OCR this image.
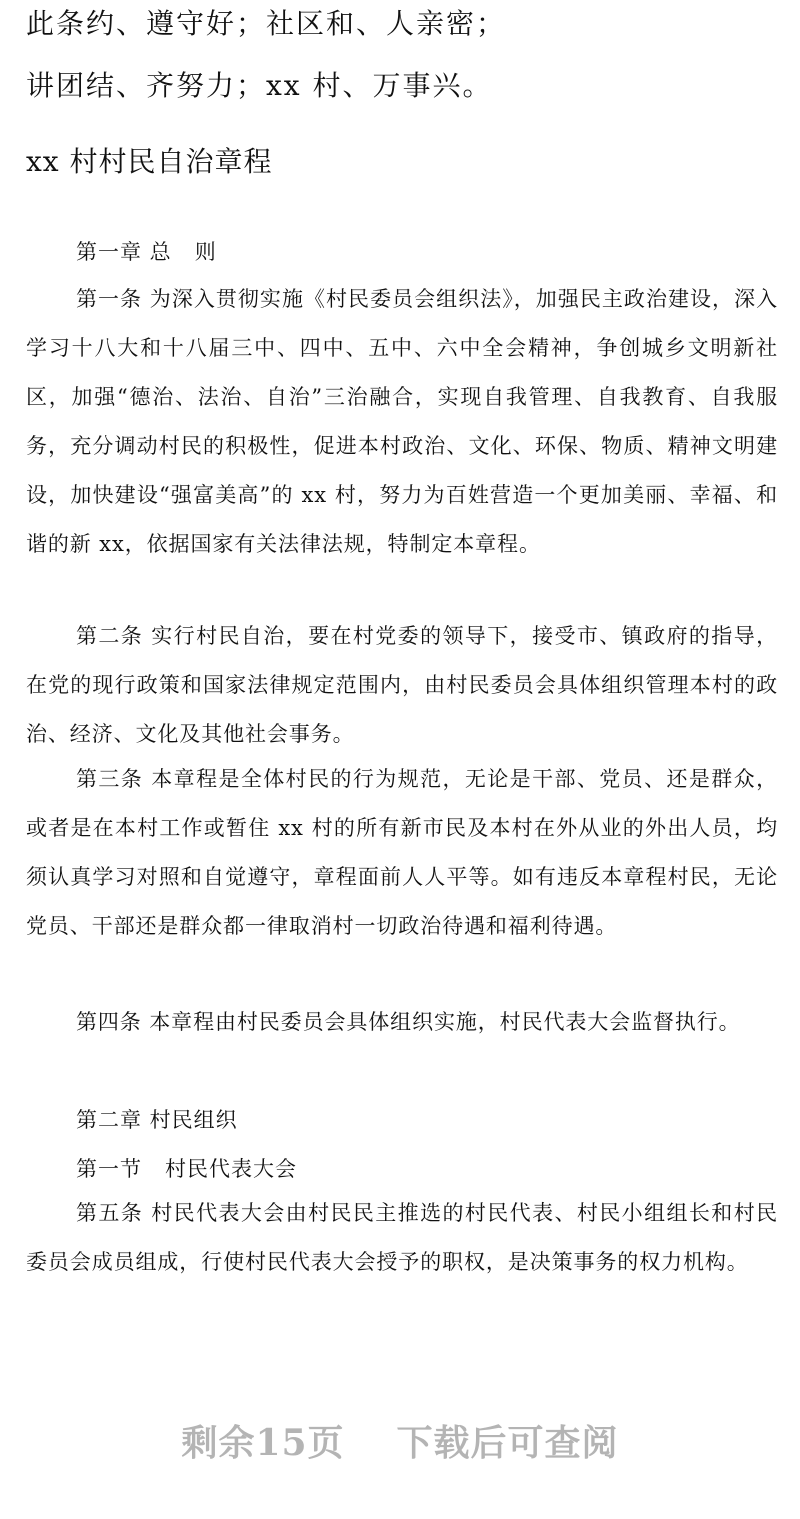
此条约、遵守好；社区和、人亲密；
讲团结、齐努力；xx 村、万事兴。
xx 村村民自治章程
第一章 总   则
第一条 为深入贯彻实施《村民委员会组织法》，加强民主政治建设，深入学习十八大和十八届三中、四中、五中、六中全会精神，争创城乡文明新社区，加强“德治、法治、自治”三治融合，实现自我管理、自我教育、自我服务，充分调动村民的积极性，促进本村政治、文化、环保、物质、精神文明建设，加快建设“强富美高”的 xx 村，努力为百姓营造一个更加美丽、幸福、和谐的新 xx，依据国家有关法律法规，特制定本章程。
第二条 实行村民自治，要在村党委的领导下，接受市、镇政府的指导，在党的现行政策和国家法律规定范围内，由村民委员会具体组织管理本村的政治、经济、文化及其他社会事务。
第三条 本章程是全体村民的行为规范，无论是干部、党员、还是群众，或者是在本村工作或暂住 xx 村的所有新市民及本村在外从业的外出人员，均须认真学习对照和自觉遵守，章程面前人人平等。如有违反本章程村民，无论党员、干部还是群众都一律取消村一切政治待遇和福利待遇。
第四条 本章程由村民委员会具体组织实施，村民代表大会监督执行。
第二章 村民组织
第一节   村民代表大会
第五条 村民代表大会由村民民主推选的村民代表、村民小组组长和村民委员会成员组成，行使村民代表大会授予的职权，是决策事务的权力机构。
剩余15页 下载后可查阅
